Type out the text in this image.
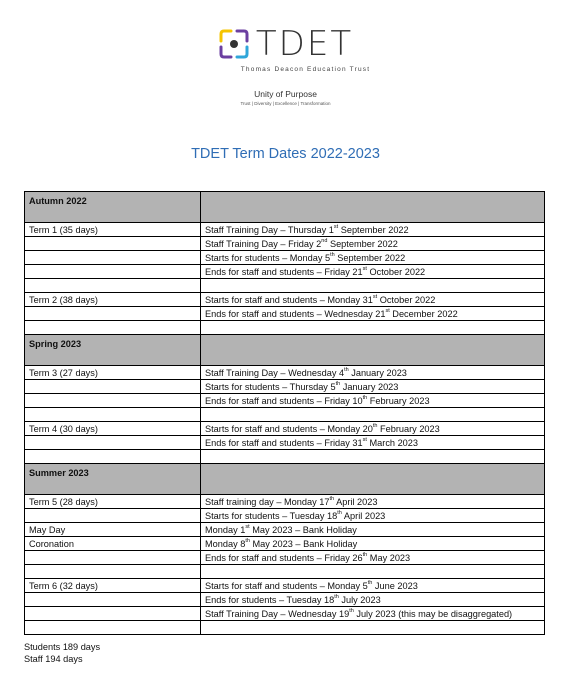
TDET
Thomas Deacon Education Trust
Unity of Purpose
Trust | Diversity | Excellence | Transformation
TDET Term Dates 2022-2023
Autumn 2022	
Term 1 (35 days)	Staff Training Day – Thursday 1st September 2022
	Staff Training Day – Friday 2nd September 2022
	Starts for students – Monday 5th September 2022
	Ends for staff and students – Friday 21st October 2022

Term 2 (38 days)	Starts for staff and students – Monday 31st October 2022
	Ends for staff and students – Wednesday 21st December 2022

Spring 2023	
Term 3 (27 days)	Staff Training Day – Wednesday 4th January 2023
	Starts for students – Thursday 5th January 2023
	Ends for staff and students – Friday 10th February 2023

Term 4 (30 days)	Starts for staff and students – Monday 20th February 2023
	Ends for staff and students – Friday 31st March 2023

Summer 2023	
Term 5 (28 days)	Staff training day – Monday 17th April 2023
	Starts for students – Tuesday 18th April 2023
May Day	Monday 1st May 2023 – Bank Holiday
Coronation	Monday 8th May 2023 – Bank Holiday
	Ends for staff and students – Friday 26th May 2023

Term 6 (32 days)	Starts for staff and students – Monday 5th June 2023
	Ends for students – Tuesday 18th July 2023
	Staff Training Day – Wednesday 19th July 2023 (this may be disaggregated)

Students 189 days
Staff 194 days
